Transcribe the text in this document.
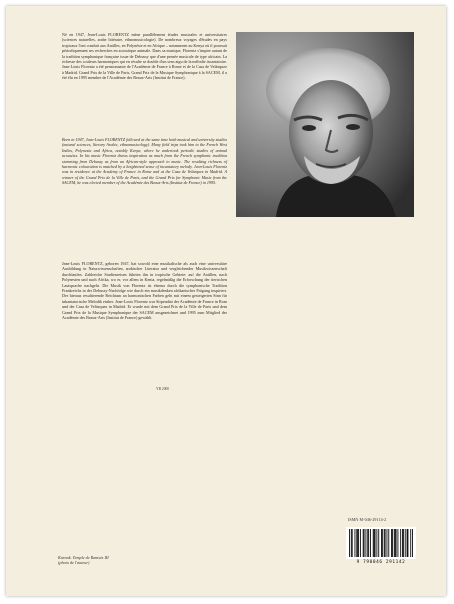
Né en 1947, Jean-Louis FLORENTZ mène parallèlement études musicales et universitaires (sciences naturelles, arabe littéraire, ethnomusicologie). De nombreux voyages d'études en pays tropicaux l'ont conduit aux Antilles, en Polynésie et en Afrique – notamment au Kenya où il poursuit périodiquement ses recherches en acoustique animale. Dans sa musique, Florentz s'inspire autant de la tradition symphonique française issue de Debussy que d'une pensée musicale de type africain. La richesse des couleurs harmoniques qui en résulte se double d'un sens aigu de la mélodie incantatoire. Jean-Louis Florentz a été pensionnaire de l'Académie de France à Rome et de la Casa de Velázquez à Madrid. Grand Prix de la Ville de Paris, Grand Prix de la Musique Symphonique à la SACEM, il a été élu en 1995 membre de l'Académie des Beaux-Arts (Institut de France).

Born in 1947, Jean-Louis FLORENTZ followed at the same time both musical and university studies (natural sciences, literary Arabic, ethnomusicology). Many field trips took him to the French West Indies, Polynesia and Africa, notably Kenya, where he undertook periodic studies of animal acoustics. In his music Florentz draws inspiration as much from the French symphonic tradition stemming from Debussy as from an African-style approach to music. The resulting richness of harmonic colouration is matched by a heightened sense of incantatory melody. Jean-Louis Florentz was in residence at the Academy of France in Rome and at the Casa de Velázquez in Madrid. A winner of the Grand Prix de la Ville de Paris, and the Grand Prix for Symphonic Music from the SACEM, he was elected member of the Académie des Beaux-Arts (Institut de France) in 1995.

Jean-Louis FLORENTZ, geboren 1947, hat sowohl eine musikalische als auch eine universitäre Ausbildung in Naturwissenschaften, arabischer Literatur und vergleichender Musikwissenschaft durchlaufen. Zahlreiche Studienreisen führten ihn in tropische Gebiete: auf die Antillen, nach Polynesien und nach Afrika, wo er, vor allem in Kenia, regelmäßig die Erforschung der tierischen Lautsprache nachgeht. Die Musik von Florentz ist ebenso durch die symphonische Tradition Frankreichs in der Debussy-Nachfolge wie durch ein musikdenken afrikanischer Prägung inspiriert. Der hieraus resultierende Reichtum an harmonischen Farben geht mit einem gesteigerten Sinn für inkantatorische Melodik einher. Jean-Louis Florentz war Stipendiat der Académie de France in Rom und der Casa de Velázquez in Madrid. Er wurde mit dem Grand Prix de la Ville de Paris und dem Grand Prix de la Musique Symphonique der SACEM ausgezeichnet und 1995 zum Mitglied der Académie des Beaux-Arts (Institut de France) gewählt.

YB 2000
photo : Hervé ROLLE
ISMN M-046-29114-2
9 790046 291142
Karnak. Temple de Ramsès III
(photo de l'auteur)
